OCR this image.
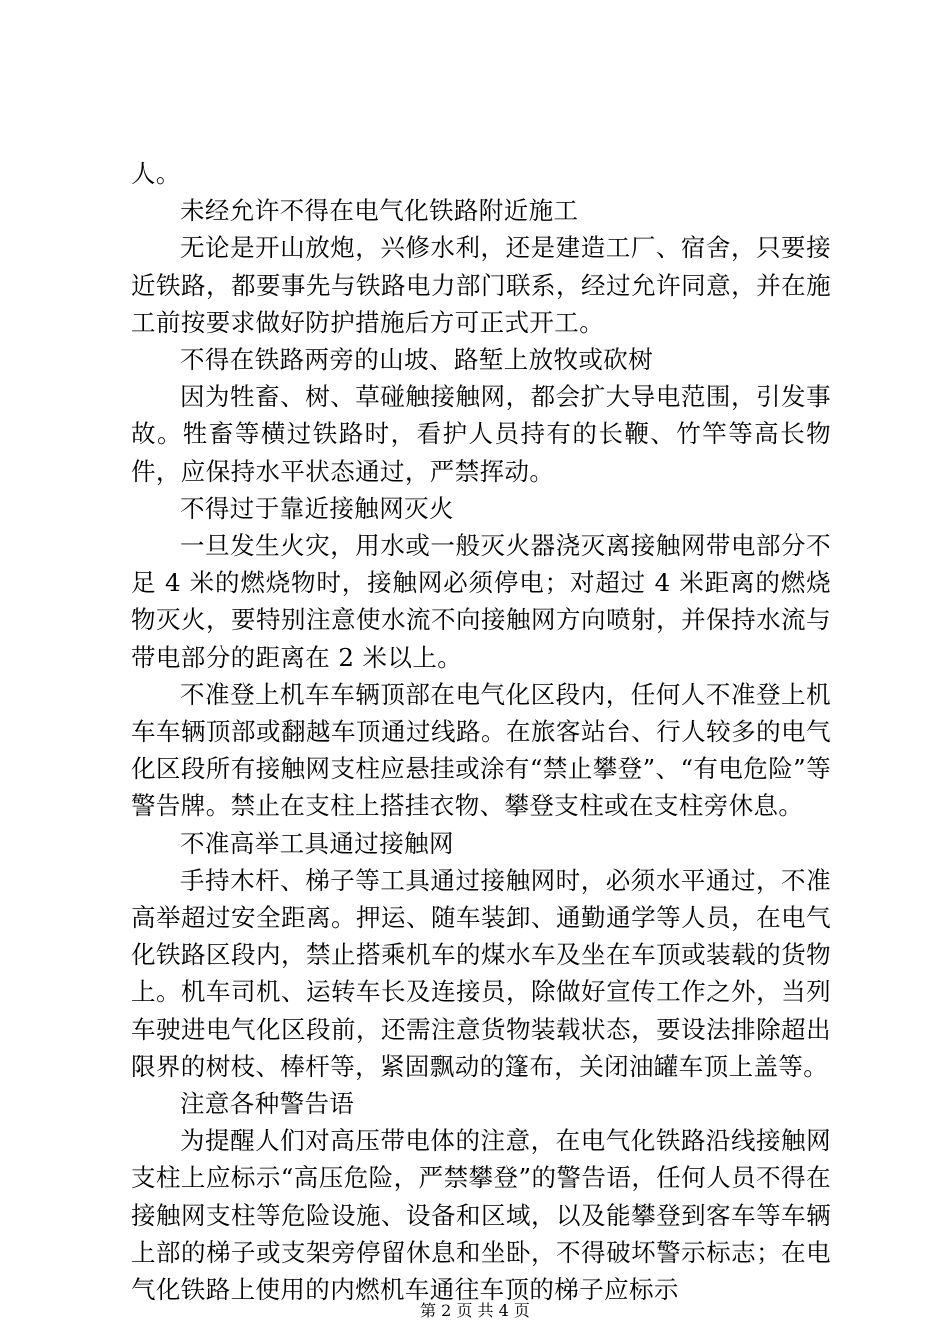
人。

未经允许不得在电气化铁路附近施工

无论是开山放炮，兴修水利，还是建造工厂、宿舍，只要接近铁路，都要事先与铁路电力部门联系，经过允许同意，并在施工前按要求做好防护措施后方可正式开工。

不得在铁路两旁的山坡、路堑上放牧或砍树

因为牲畜、树、草碰触接触网，都会扩大导电范围，引发事故。牲畜等横过铁路时，看护人员持有的长鞭、竹竿等高长物件，应保持水平状态通过，严禁挥动。

不得过于靠近接触网灭火

一旦发生火灾，用水或一般灭火器浇灭离接触网带电部分不足 4 米的燃烧物时，接触网必须停电；对超过 4 米距离的燃烧物灭火，要特别注意使水流不向接触网方向喷射，并保持水流与带电部分的距离在 2 米以上。

不准登上机车车辆顶部在电气化区段内，任何人不准登上机车车辆顶部或翻越车顶通过线路。在旅客站台、行人较多的电气化区段所有接触网支柱应悬挂或涂有“禁止攀登”、“有电危险”等警告牌。禁止在支柱上搭挂衣物、攀登支柱或在支柱旁休息。

不准高举工具通过接触网

手持木杆、梯子等工具通过接触网时，必须水平通过，不准高举超过安全距离。押运、随车装卸、通勤通学等人员，在电气化铁路区段内，禁止搭乘机车的煤水车及坐在车顶或装载的货物上。机车司机、运转车长及连接员，除做好宣传工作之外，当列车驶进电气化区段前，还需注意货物装载状态，要设法排除超出限界的树枝、棒杆等，紧固飘动的篷布，关闭油罐车顶上盖等。

注意各种警告语

为提醒人们对高压带电体的注意，在电气化铁路沿线接触网支柱上应标示“高压危险，严禁攀登”的警告语，任何人员不得在接触网支柱等危险设施、设备和区域，以及能攀登到客车等车辆上部的梯子或支架旁停留休息和坐卧，不得破坏警示标志；在电气化铁路上使用的内燃机车通往车顶的梯子应标示

第 2 页 共 4 页
